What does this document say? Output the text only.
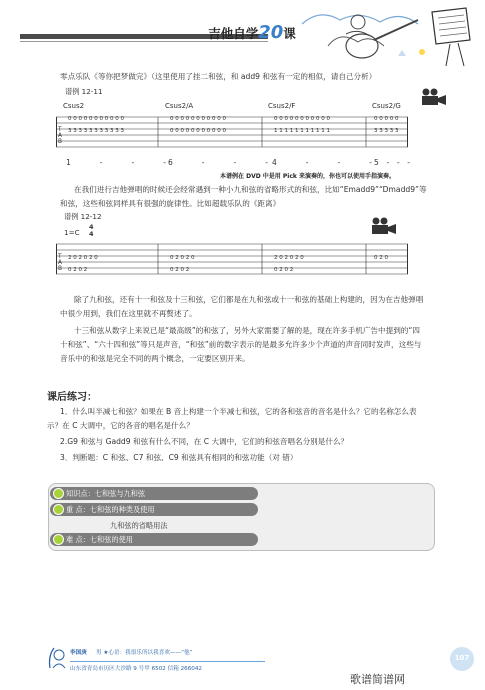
吉他自学20课
零点乐队《等你把梦做完》（这里使用了挂二和弦，和 add9 和弦有一定的相似，请自己分析）
谱例 12-11
Csus2	Csus2/A	Csus2/F	Csus2/G
0 0 0 0 0 0 0 0 0 0 0	0 0 0 0 0 0 0 0 0 0 0	0 0 0 0 0 0 0 0 0 0 0	0 0 0 0 0
3 3 3 3 3 3 3 3 3 3 3	0 0 0 0 0 0 0 0 0 0 0	1 1 1 1 1 1 1 1 1 1 1	3 3 3 3 3
T
A
B
1	-	-	- 6	-	-	- 4	-	-	- 5 - - -
本谱例在 DVD 中是用 Pick 来演奏的，你也可以使用手指演奏。
在我们进行吉他弹唱的时候还会经常遇到一种小九和弦的省略形式的和弦，比如“Emadd9”“Dmadd9”等
和弦，这些和弦同样具有很强的旋律性。比如超载乐队的《距离》
谱例 12-12
1=C
4
4
2 0 2 0 2 0	0 2 0 2 0	2 0 2 0 2 0	0 2 0
0 2 0 2	0 2 0 2	0 2 0 2
T
A
B
除了九和弦，还有十一和弦及十三和弦，它们都是在九和弦或十一和弦的基础上构建的，因为在吉他弹唱
中很少用到，我们在这里就不再赘述了。
十三和弦从数字上来说已是“最高级”的和弦了，另外大家需要了解的是，现在许多手机广告中提到的“四
十和弦”、“六十四和弦”等只是声音，“和弦”前的数字表示的是最多允许多少个声道的声音同时发声，这些与
音乐中的和弦是完全不同的两个概念，一定要区别开来。
课后练习：
1．什么叫半减七和弦？如果在 B 音上构建一个半减七和弦，它的各和弦音的音名是什么？它的名称怎么表
示？在 C 大调中，它的各音的唱名是什么？
2.G9 和弦与 Gadd9 和弦有什么不同，在 C 大调中，它们的和弦音唱名分别是什么？
3．判断题：C 和弦、C7 和弦、C9 和弦具有相同的和弦功能（对 错）
知识点：七和弦与九和弦
重 点：七和弦的种类及使用
九和弦的省略用法
难 点：七和弦的使用
李国庚 男 ★心语：我很乐所以我喜欢——“他”
山东省青岛市历区大沙路 9 号甲 6502 信箱 266042
107
歌谱简谱网
